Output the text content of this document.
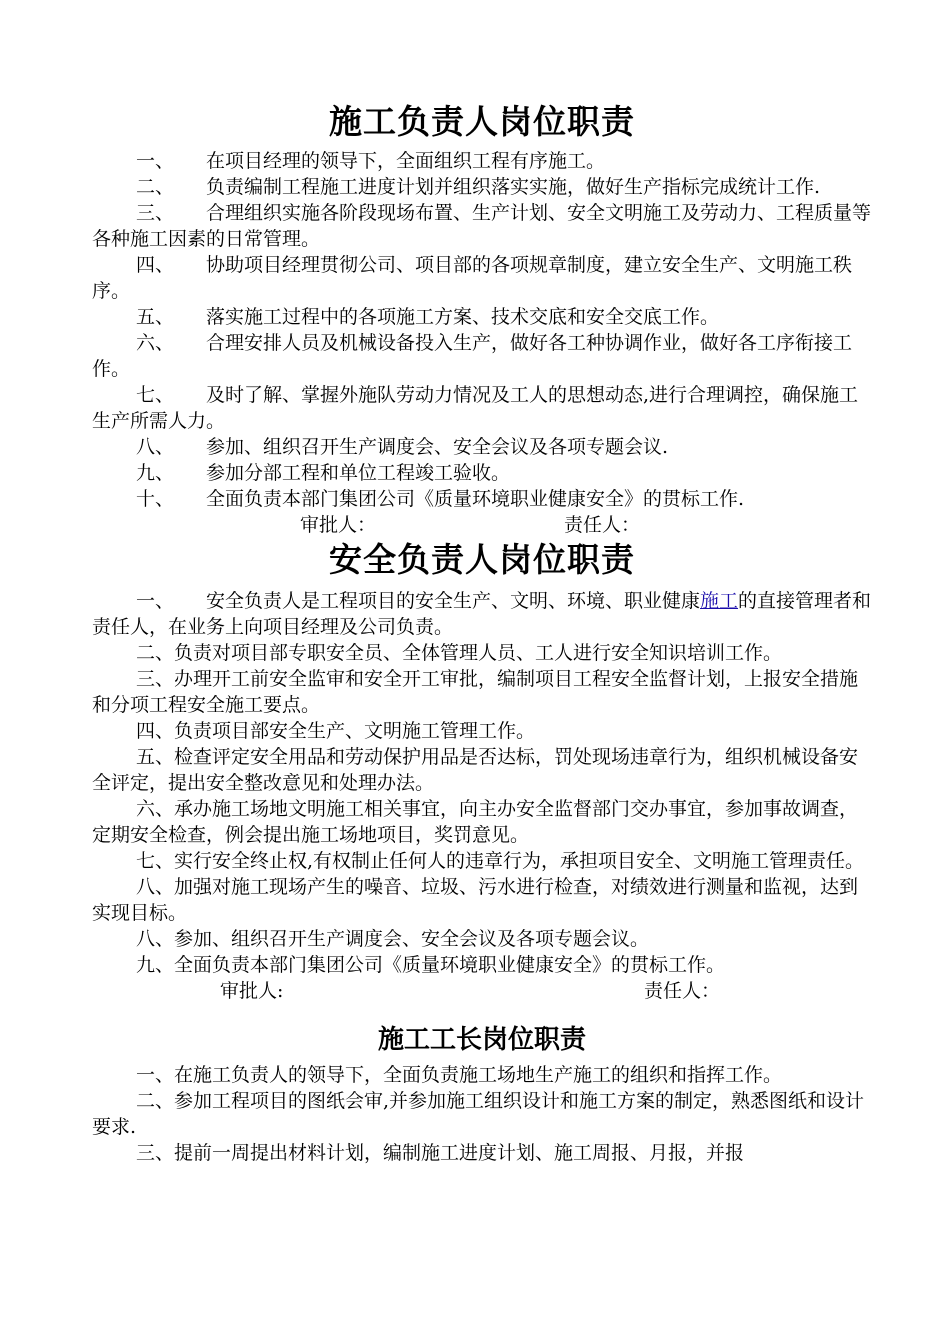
施工负责人岗位职责

一、 在项目经理的领导下，全面组织工程有序施工。

二、 负责编制工程施工进度计划并组织落实实施，做好生产指标完成统计工作.

三、 合理组织实施各阶段现场布置、生产计划、安全文明施工及劳动力、工程质量等各种施工因素的日常管理。

四、 协助项目经理贯彻公司、项目部的各项规章制度，建立安全生产、文明施工秩序。

五、 落实施工过程中的各项施工方案、技术交底和安全交底工作。

六、 合理安排人员及机械设备投入生产，做好各工种协调作业，做好各工序衔接工作。

七、 及时了解、掌握外施队劳动力情况及工人的思想动态,进行合理调控，确保施工生产所需人力。

八、 参加、组织召开生产调度会、安全会议及各项专题会议.

九、 参加分部工程和单位工程竣工验收。

十、 全面负责本部门集团公司《质量环境职业健康安全》的贯标工作.

审批人：	责任人：
安全负责人岗位职责

一、 安全负责人是工程项目的安全生产、文明、环境、职业健康施工的直接管理者和责任人，在业务上向项目经理及公司负责。

二、负责对项目部专职安全员、全体管理人员、工人进行安全知识培训工作。

三、办理开工前安全监审和安全开工审批，编制项目工程安全监督计划，上报安全措施和分项工程安全施工要点。

四、负责项目部安全生产、文明施工管理工作。

五、检查评定安全用品和劳动保护用品是否达标，罚处现场违章行为，组织机械设备安全评定，提出安全整改意见和处理办法。

六、承办施工场地文明施工相关事宜，向主办安全监督部门交办事宜，参加事故调查，定期安全检查，例会提出施工场地项目，奖罚意见。

七、实行安全终止权,有权制止任何人的违章行为，承担项目安全、文明施工管理责任。

八、加强对施工现场产生的噪音、垃圾、污水进行检查，对绩效进行测量和监视，达到实现目标。

八、参加、组织召开生产调度会、安全会议及各项专题会议。

九、全面负责本部门集团公司《质量环境职业健康安全》的贯标工作。

审批人:	责任人：
施工工长岗位职责

一、在施工负责人的领导下，全面负责施工场地生产施工的组织和指挥工作。

二、参加工程项目的图纸会审,并参加施工组织设计和施工方案的制定，熟悉图纸和设计要求.

三、提前一周提出材料计划，编制施工进度计划、施工周报、月报，并报
